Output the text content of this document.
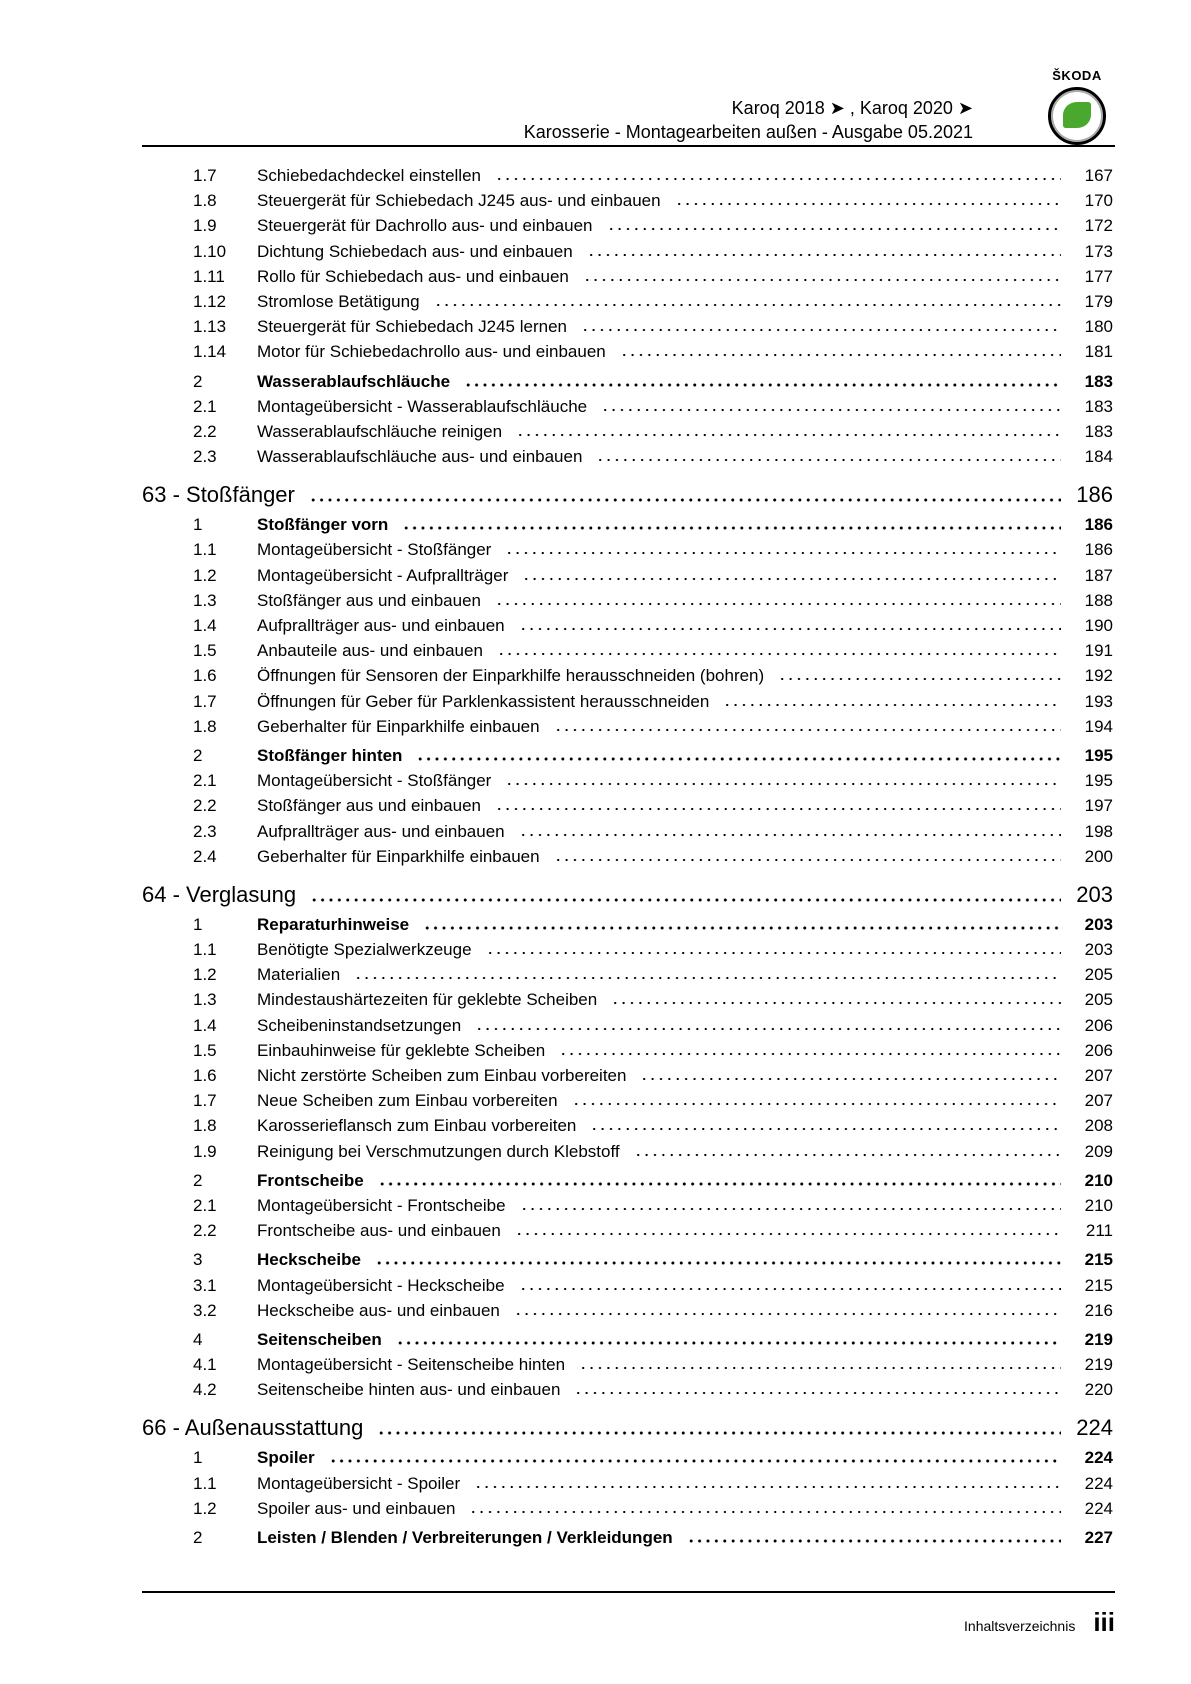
Karoq 2018 ➤ , Karoq 2020 ➤
Karosserie - Montagearbeiten außen - Ausgabe 05.2021
ŠKODA
1.7	Schiebedachdeckel einstellen	167
1.8	Steuergerät für Schiebedach J245 aus- und einbauen	170
1.9	Steuergerät für Dachrollo aus- und einbauen	172
1.10	Dichtung Schiebedach aus- und einbauen	173
1.11	Rollo für Schiebedach aus- und einbauen	177
1.12	Stromlose Betätigung	179
1.13	Steuergerät für Schiebedach J245 lernen	180
1.14	Motor für Schiebedachrollo aus- und einbauen	181
2	Wasserablaufschläuche	183
2.1	Montageübersicht - Wasserablaufschläuche	183
2.2	Wasserablaufschläuche reinigen	183
2.3	Wasserablaufschläuche aus- und einbauen	184
63 - Stoßfänger	186
1	Stoßfänger vorn	186
1.1	Montageübersicht - Stoßfänger	186
1.2	Montageübersicht - Aufprallträger	187
1.3	Stoßfänger aus und einbauen	188
1.4	Aufprallträger aus- und einbauen	190
1.5	Anbauteile aus- und einbauen	191
1.6	Öffnungen für Sensoren der Einparkhilfe herausschneiden (bohren)	192
1.7	Öffnungen für Geber für Parklenkassistent herausschneiden	193
1.8	Geberhalter für Einparkhilfe einbauen	194
2	Stoßfänger hinten	195
2.1	Montageübersicht - Stoßfänger	195
2.2	Stoßfänger aus und einbauen	197
2.3	Aufprallträger aus- und einbauen	198
2.4	Geberhalter für Einparkhilfe einbauen	200
64 - Verglasung	203
1	Reparaturhinweise	203
1.1	Benötigte Spezialwerkzeuge	203
1.2	Materialien	205
1.3	Mindestaushärtezeiten für geklebte Scheiben	205
1.4	Scheibeninstandsetzungen	206
1.5	Einbauhinweise für geklebte Scheiben	206
1.6	Nicht zerstörte Scheiben zum Einbau vorbereiten	207
1.7	Neue Scheiben zum Einbau vorbereiten	207
1.8	Karosserieflansch zum Einbau vorbereiten	208
1.9	Reinigung bei Verschmutzungen durch Klebstoff	209
2	Frontscheibe	210
2.1	Montageübersicht - Frontscheibe	210
2.2	Frontscheibe aus- und einbauen	211
3	Heckscheibe	215
3.1	Montageübersicht - Heckscheibe	215
3.2	Heckscheibe aus- und einbauen	216
4	Seitenscheiben	219
4.1	Montageübersicht - Seitenscheibe hinten	219
4.2	Seitenscheibe hinten aus- und einbauen	220
66 - Außenausstattung	224
1	Spoiler	224
1.1	Montageübersicht - Spoiler	224
1.2	Spoiler aus- und einbauen	224
2	Leisten / Blenden / Verbreiterungen / Verkleidungen	227
Inhaltsverzeichnis iii
